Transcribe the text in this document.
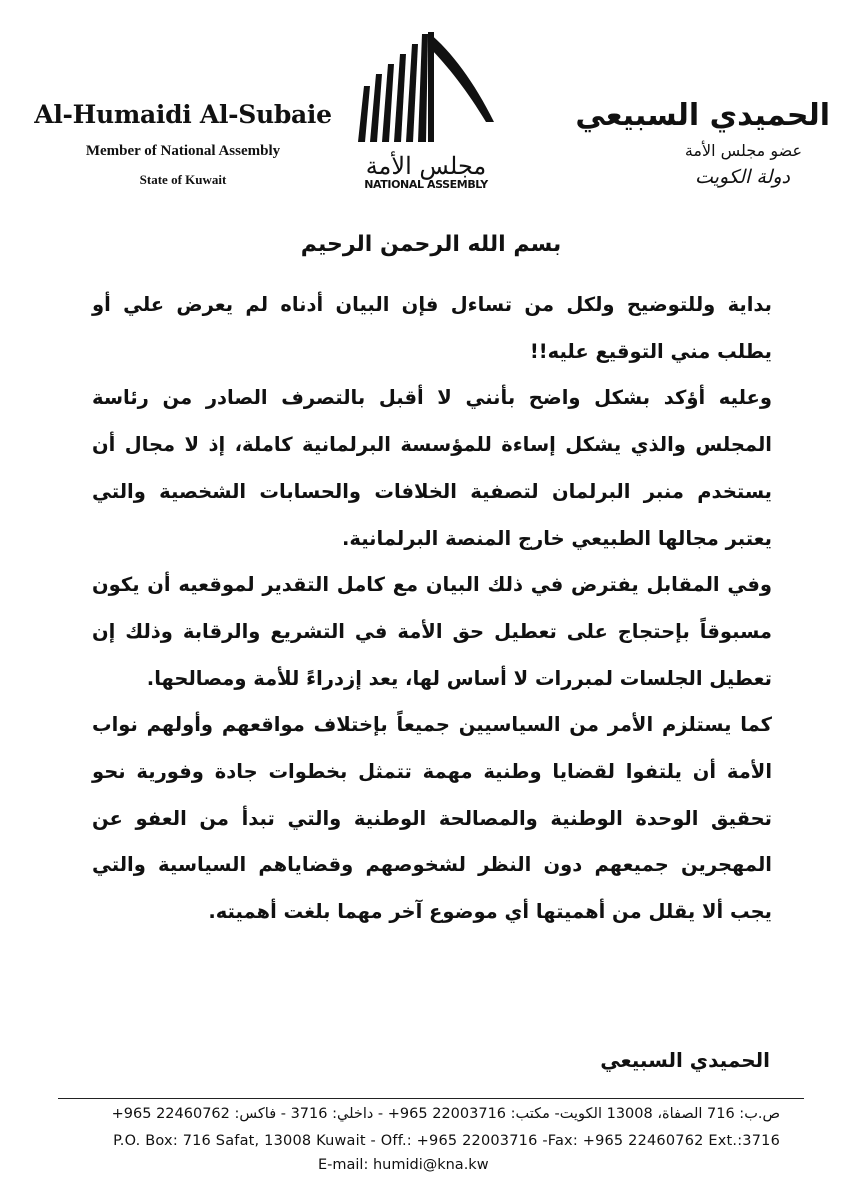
Al-Humaidi Al-Subaie
Member of National Assembly
State of Kuwait	مجلس الأمة
NATIONAL ASSEMBLY
الحميدي السبيعي
عضو مجلس الأمة
دولة الكويت
بسم الله الرحمن الرحيم

بداية وللتوضيح ولكل من تساءل فإن البيان أدناه لم يعرض علي أو يطلب مني التوقيع عليه!!

وعليه أؤكد بشكل واضح بأنني لا أقبل بالتصرف الصادر من رئاسة المجلس والذي يشكل إساءة للمؤسسة البرلمانية كاملة، إذ لا مجال أن يستخدم منبر البرلمان لتصفية الخلافات والحسابات الشخصية والتي يعتبر مجالها الطبيعي خارج المنصة البرلمانية.

وفي المقابل يفترض في ذلك البيان مع كامل التقدير لموقعيه أن يكون مسبوقاً بإحتجاج على تعطيل حق الأمة في التشريع والرقابة وذلك إن تعطيل الجلسات لمبررات لا أساس لها، يعد إزدراءً للأمة ومصالحها.

كما يستلزم الأمر من السياسيين جميعاً بإختلاف مواقعهم وأولهم نواب الأمة أن يلتفوا لقضايا وطنية مهمة تتمثل بخطوات جادة وفورية نحو تحقيق الوحدة الوطنية والمصالحة الوطنية والتي تبدأ من العفو عن المهجرين جميعهم دون النظر لشخوصهم وقضاياهم السياسية والتي يجب ألا يقلل من أهميتها أي موضوع آخر مهما بلغت أهميته.

الحميدي السبيعي
ص.ب: 716 الصفاة، 13008 الكويت- مكتب: 22003716 965+ - داخلي: 3716 - فاكس: 22460762 965+
P.O. Box: 716 Safat, 13008 Kuwait - Off.: +965 22003716 -Fax: +965 22460762 Ext.:3716
E-mail: humidi@kna.kw
